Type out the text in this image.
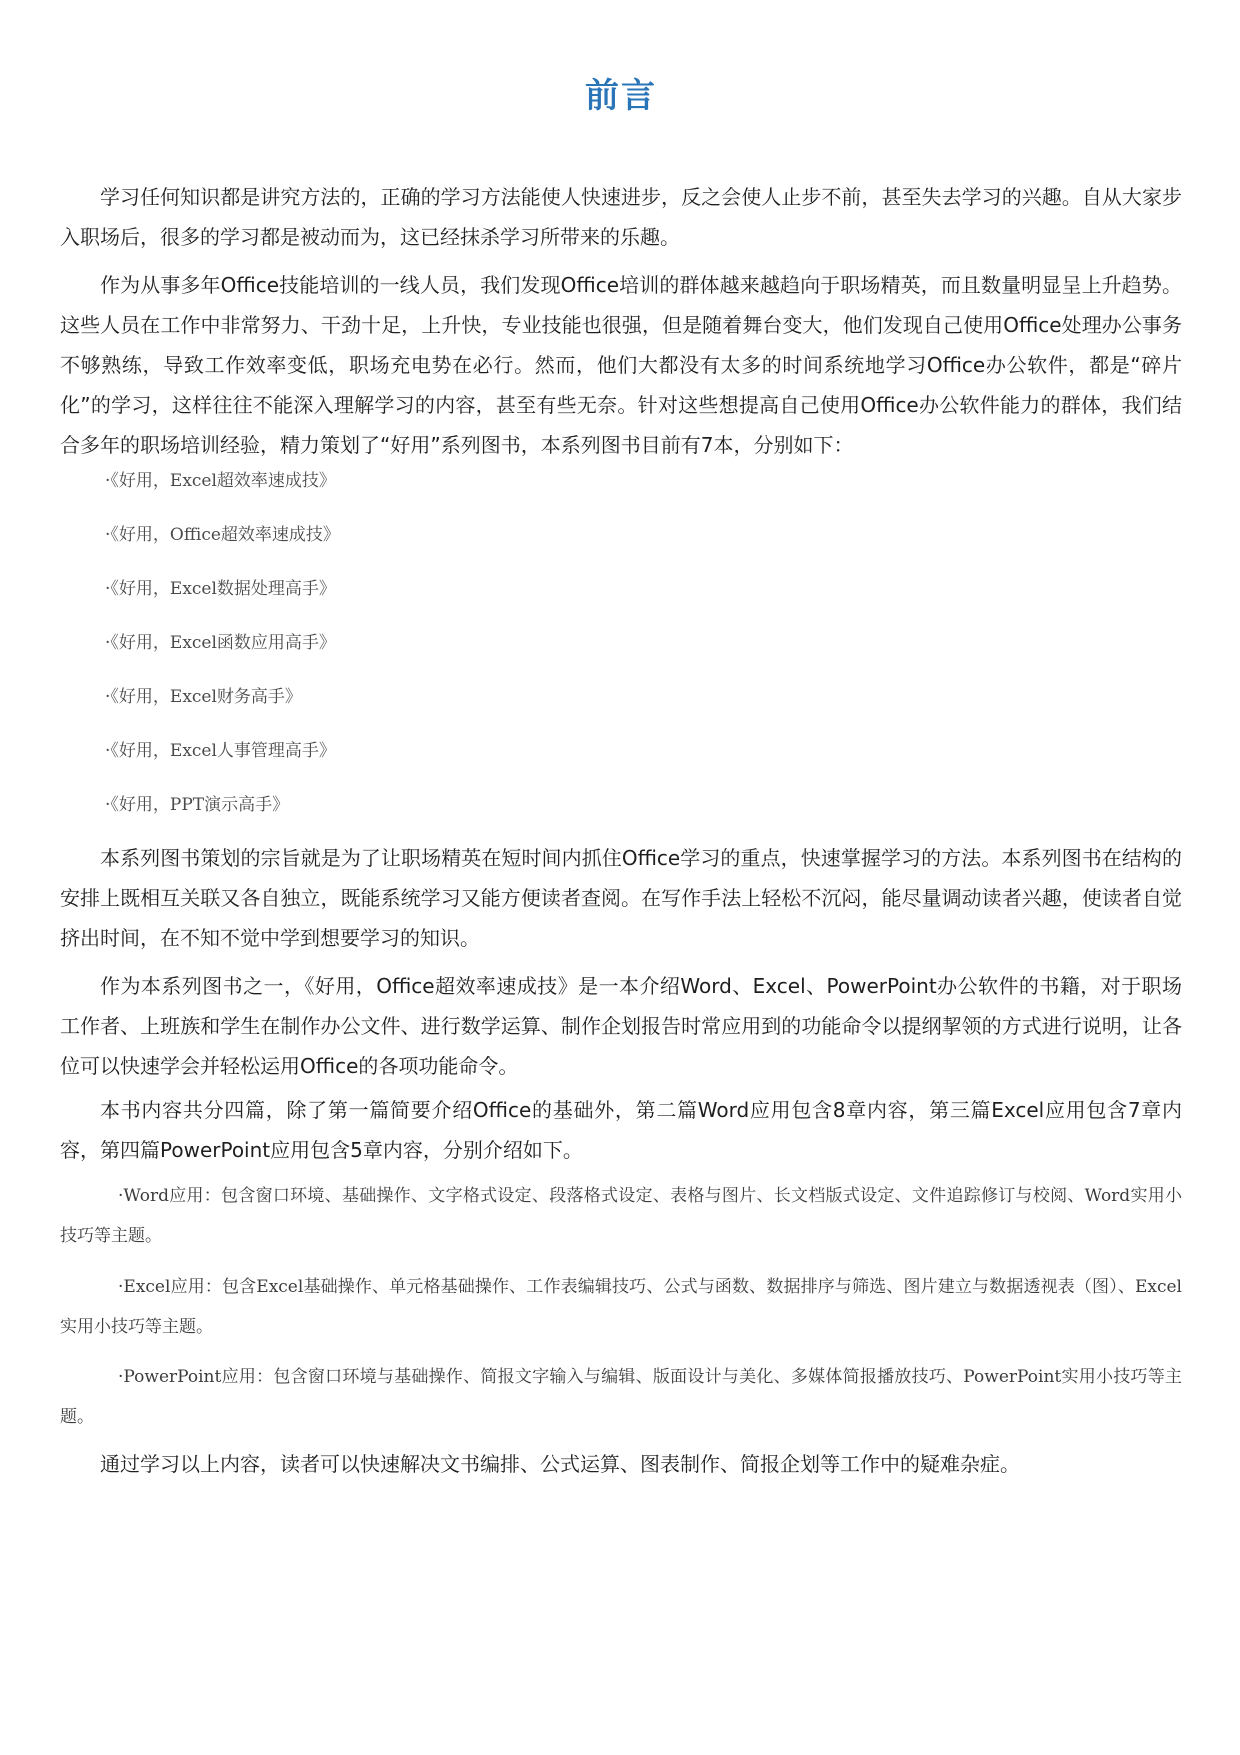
前言

学习任何知识都是讲究方法的，正确的学习方法能使人快速进步，反之会使人止步不前，甚至失去学习的兴趣。自从大家步入职场后，很多的学习都是被动而为，这已经抹杀学习所带来的乐趣。

作为从事多年Office技能培训的一线人员，我们发现Office培训的群体越来越趋向于职场精英，而且数量明显呈上升趋势。这些人员在工作中非常努力、干劲十足，上升快，专业技能也很强，但是随着舞台变大，他们发现自己使用Office处理办公事务不够熟练，导致工作效率变低，职场充电势在必行。然而，他们大都没有太多的时间系统地学习Office办公软件，都是“碎片化”的学习，这样往往不能深入理解学习的内容，甚至有些无奈。针对这些想提高自己使用Office办公软件能力的群体，我们结合多年的职场培训经验，精力策划了“好用”系列图书，本系列图书目前有7本，分别如下：

·《好用，Excel超效率速成技》
·《好用，Office超效率速成技》
·《好用，Excel数据处理高手》
·《好用，Excel函数应用高手》
·《好用，Excel财务高手》
·《好用，Excel人事管理高手》
·《好用，PPT演示高手》

本系列图书策划的宗旨就是为了让职场精英在短时间内抓住Office学习的重点，快速掌握学习的方法。本系列图书在结构的安排上既相互关联又各自独立，既能系统学习又能方便读者查阅。在写作手法上轻松不沉闷，能尽量调动读者兴趣，使读者自觉挤出时间，在不知不觉中学到想要学习的知识。

作为本系列图书之一，《好用，Office超效率速成技》是一本介绍Word、Excel、PowerPoint办公软件的书籍，对于职场工作者、上班族和学生在制作办公文件、进行数学运算、制作企划报告时常应用到的功能命令以提纲挈领的方式进行说明，让各位可以快速学会并轻松运用Office的各项功能命令。

本书内容共分四篇，除了第一篇简要介绍Office的基础外，第二篇Word应用包含8章内容，第三篇Excel应用包含7章内容，第四篇PowerPoint应用包含5章内容，分别介绍如下。

·Word应用：包含窗口环境、基础操作、文字格式设定、段落格式设定、表格与图片、长文档版式设定、文件追踪修订与校阅、Word实用小技巧等主题。

·Excel应用：包含Excel基础操作、单元格基础操作、工作表编辑技巧、公式与函数、数据排序与筛选、图片建立与数据透视表（图）、Excel实用小技巧等主题。

·PowerPoint应用：包含窗口环境与基础操作、简报文字输入与编辑、版面设计与美化、多媒体简报播放技巧、PowerPoint实用小技巧等主题。

通过学习以上内容，读者可以快速解决文书编排、公式运算、图表制作、简报企划等工作中的疑难杂症。
